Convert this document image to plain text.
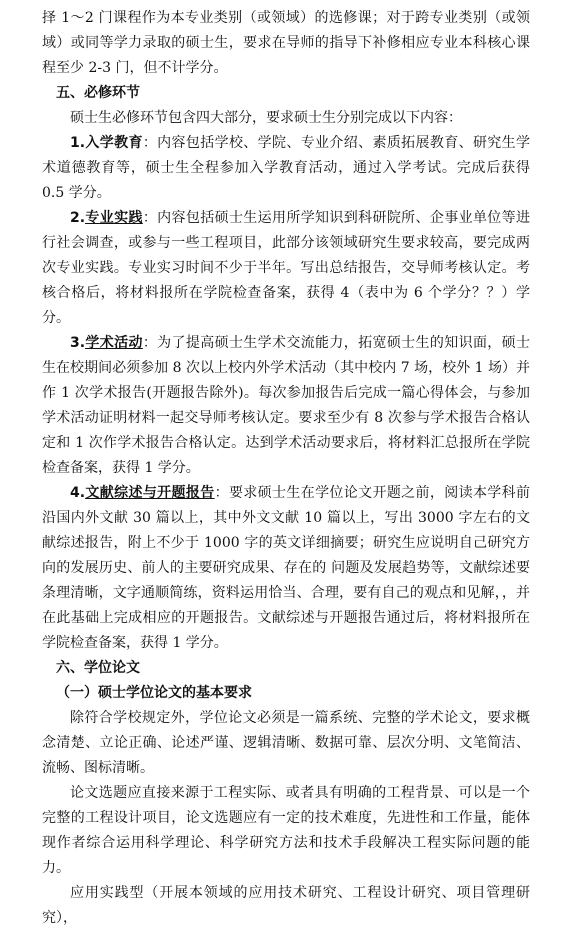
择 1～2 门课程作为本专业类别（或领域）的选修课；对于跨专业类别（或领域）或同等学力录取的硕士生，要求在导师的指导下补修相应专业本科核心课程至少 2-3 门，但不计学分。

五、必修环节

硕士生必修环节包含四大部分，要求硕士生分别完成以下内容：

1.入学教育：内容包括学校、学院、专业介绍、素质拓展教育、研究生学术道德教育等，硕士生全程参加入学教育活动，通过入学考试。完成后获得 0.5 学分。

2.专业实践：内容包括硕士生运用所学知识到科研院所、企事业单位等进行社会调查，或参与一些工程项目，此部分该领域研究生要求较高，要完成两次专业实践。专业实习时间不少于半年。写出总结报告，交导师考核认定。考核合格后，将材料报所在学院检查备案，获得 4（表中为 6 个学分？？）学分。

3.学术活动：为了提高硕士生学术交流能力，拓宽硕士生的知识面，硕士生在校期间必须参加 8 次以上校内外学术活动（其中校内 7 场，校外 1 场）并作 1 次学术报告(开题报告除外)。每次参加报告后完成一篇心得体会，与参加学术活动证明材料一起交导师考核认定。要求至少有 8 次参与学术报告合格认定和 1 次作学术报告合格认定。达到学术活动要求后，将材料汇总报所在学院检查备案，获得 1 学分。

4.文献综述与开题报告：要求硕士生在学位论文开题之前，阅读本学科前沿国内外文献 30 篇以上，其中外文文献 10 篇以上，写出 3000 字左右的文献综述报告，附上不少于 1000 字的英文详细摘要；研究生应说明自己研究方向的发展历史、前人的主要研究成果、存在的 问题及发展趋势等，文献综述要条理清晰，文字通顺简练，资料运用恰当、合理，要有自己的观点和见解，，并在此基础上完成相应的开题报告。文献综述与开题报告通过后，将材料报所在学院检查备案，获得 1 学分。

六、学位论文

（一）硕士学位论文的基本要求

除符合学校规定外，学位论文必须是一篇系统、完整的学术论文，要求概念清楚、立论正确、论述严谨、逻辑清晰、数据可靠、层次分明、文笔简洁、流畅、图标清晰。

论文选题应直接来源于工程实际、或者具有明确的工程背景、可以是一个完整的工程设计项目，论文选题应有一定的技术难度，先进性和工作量，能体现作者综合运用科学理论、科学研究方法和技术手段解决工程实际问题的能力。

应用实践型（开展本领域的应用技术研究、工程设计研究、项目管理研究），
